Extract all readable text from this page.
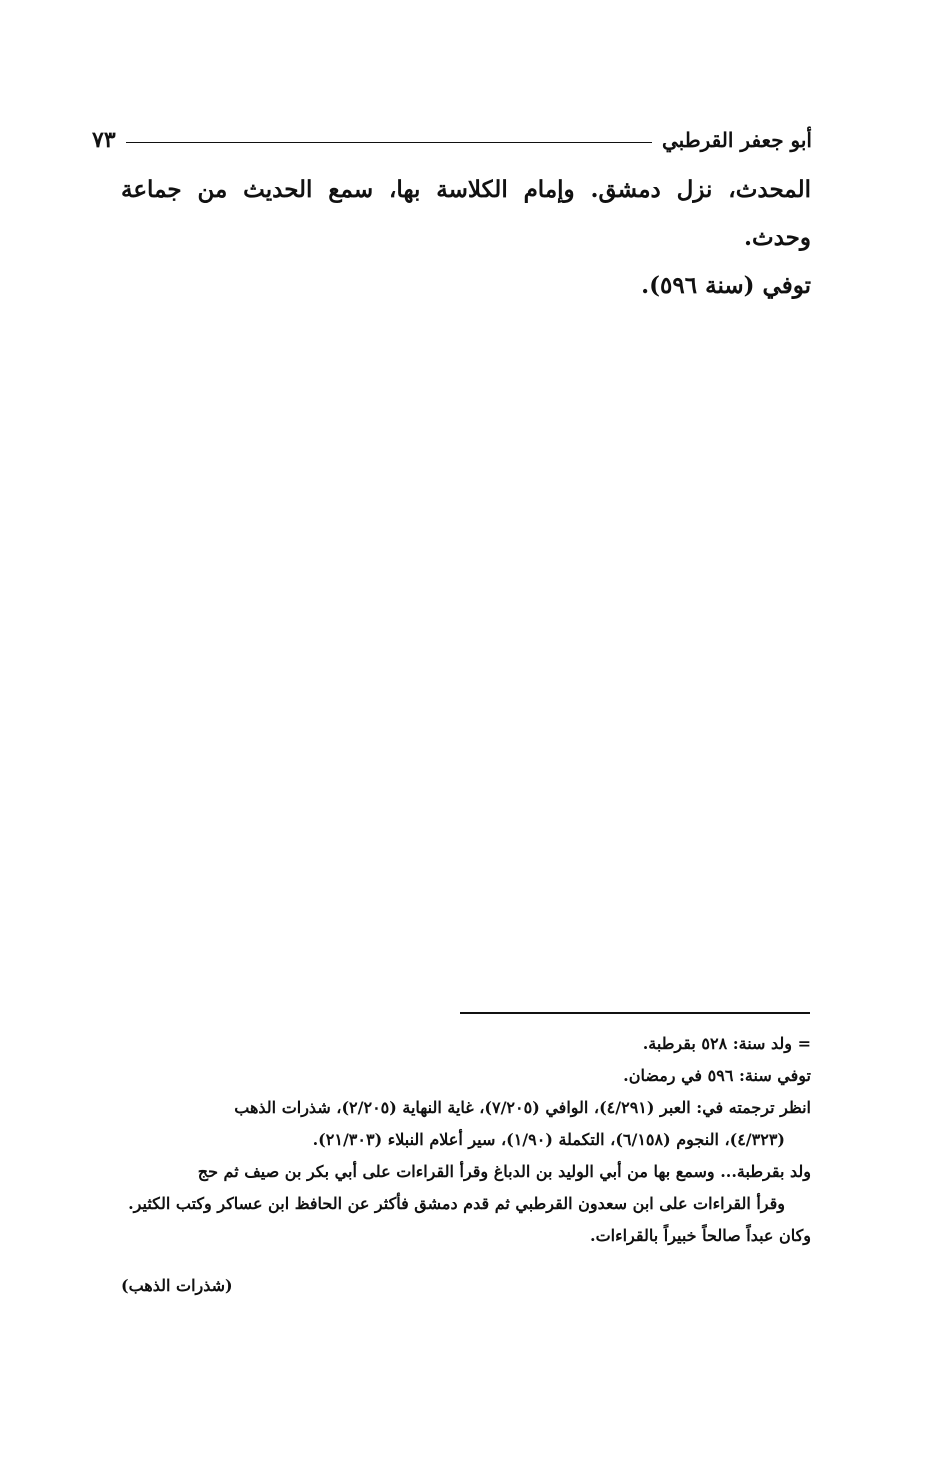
أبو جعفر القرطبي
٧٣

المحدث، نزل دمشق. وإمام الكلاسة بها، سمع الحديث من جماعة وحدث.

توفي (سنة ٥٩٦).

= ولد سنة: ٥٢٨ بقرطبة.

توفي سنة: ٥٩٦ في رمضان.

انظر ترجمته في: العبر (٤/٢٩١)، الوافي (٧/٢٠٥)، غاية النهاية (٢/٢٠٥)، شذرات الذهب

(٤/٣٢٣)، النجوم (٦/١٥٨)، التكملة (١/٩٠)، سير أعلام النبلاء (٢١/٣٠٣).

ولد بقرطبة... وسمع بها من أبي الوليد بن الدباغ وقرأ القراءات على أبي بكر بن صيف ثم حج

وقرأ القراءات على ابن سعدون القرطبي ثم قدم دمشق فأكثر عن الحافظ ابن عساكر وكتب الكثير.

وكان عبداً صالحاً خبيراً بالقراءات.

(شذرات الذهب)
